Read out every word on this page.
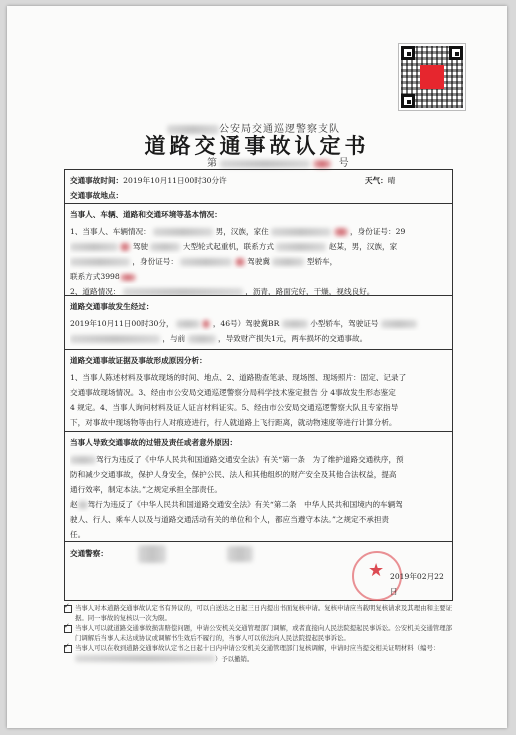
公安局交通巡逻警察支队
道路交通事故认定书
第	号
交通事故时间：2019年10月11日00时30分许	天气：晴
交通事故地点：
当事人、车辆、道路和交通环境等基本情况：
1、当事人、车辆情况：	男，汉族，家住	，身份证号：29
驾驶	大型轮式起重机，联系方式	赵某，男，汉族，家
，身份证号：	驾驶冀	型轿车，
联系方式3998
2、道路情况：	，沥青，路面完好，干燥，视线良好。
道路交通事故发生经过：
2019年10月11日00时30分，	，46号）驾驶冀BR	小型轿车，驾驶证号
，与前	，导致财产损失1元，两车损坏的交通事故。
道路交通事故证据及事故形成原因分析：
1、当事人陈述材料及事故现场的时间、地点、2、道路勘查笔录、现场图、现场照片：固定、记录了
交通事故现场情况。3、经由市公安局交通巡逻警察分局科学技术鉴定报告 分 4事故发生形态鉴定
4 规定。4、当事人询问材料及证人证言材料证实。5、经由市公安局交通巡逻警察大队且专家指导
下，对事故中现场物等由行人对痕迹进行，行人就道路上飞行距离，就动物速度等进行计算分析。
当事人导致交通事故的过错及责任或者意外原因：
驾行为违反了《中华人民共和国道路交通安全法》有关“第一条　为了维护道路交通秩序，预
防和减少交通事故，保护人身安全，保护公民、法人和其他组织的财产安全及其他合法权益，提高
通行效率，制定本法。”之规定承担全部责任。
赵 驾行为违反了《中华人民共和国道路交通安全法》有关“第二条　中华人民共和国境内的车辆驾
驶人、行人、乘车人以及与道路交通活动有关的单位和个人，都应当遵守本法。”之规定不承担责
任。
交通警察：
★ 2019年02月22日
✓
当事人对本道路交通事故认定书有异议的，可以自送达之日起三日内提出书面复核申请。复核申请应当载明复核请求及其理由和主要证据。同一事故的复核以一次为限。
✓
当事人可以就道路交通事故损害赔偿问题，申请公安机关交通管理部门调解，或者直接向人民法院提起民事诉讼。公安机关交通管理部门调解后当事人未达成协议或调解书生效后不履行的，当事人可以依法向人民法院提起民事诉讼。
✓
当事人可以在收到道路交通事故认定书之日起十日内申请公安机关交通管理部门复核调解，申请时应当提交相关证明材料（编号：
）予以撤销。
